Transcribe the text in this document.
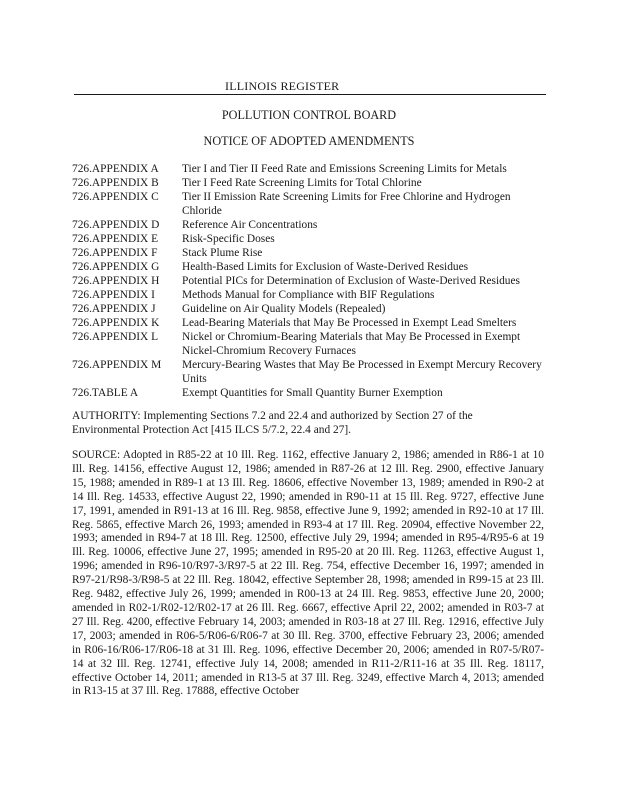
ILLINOIS REGISTER
POLLUTION CONTROL BOARD
NOTICE OF ADOPTED AMENDMENTS
726.APPENDIX A	Tier I and Tier II Feed Rate and Emissions Screening Limits for Metals
726.APPENDIX B	Tier I Feed Rate Screening Limits for Total Chlorine
726.APPENDIX C	Tier II Emission Rate Screening Limits for Free Chlorine and Hydrogen Chloride
726.APPENDIX D	Reference Air Concentrations
726.APPENDIX E	Risk-Specific Doses
726.APPENDIX F	Stack Plume Rise
726.APPENDIX G	Health-Based Limits for Exclusion of Waste-Derived Residues
726.APPENDIX H	Potential PICs for Determination of Exclusion of Waste-Derived Residues
726.APPENDIX I	Methods Manual for Compliance with BIF Regulations
726.APPENDIX J	Guideline on Air Quality Models (Repealed)
726.APPENDIX K	Lead-Bearing Materials that May Be Processed in Exempt Lead Smelters
726.APPENDIX L	Nickel or Chromium-Bearing Materials that May Be Processed in Exempt Nickel-Chromium Recovery Furnaces
726.APPENDIX M	Mercury-Bearing Wastes that May Be Processed in Exempt Mercury Recovery Units
726.TABLE A	Exempt Quantities for Small Quantity Burner Exemption
AUTHORITY: Implementing Sections 7.2 and 22.4 and authorized by Section 27 of the Environmental Protection Act [415 ILCS 5/7.2, 22.4 and 27].
SOURCE: Adopted in R85-22 at 10 Ill. Reg. 1162, effective January 2, 1986; amended in R86-1 at 10 Ill. Reg. 14156, effective August 12, 1986; amended in R87-26 at 12 Ill. Reg. 2900, effective January 15, 1988; amended in R89-1 at 13 Ill. Reg. 18606, effective November 13, 1989; amended in R90-2 at 14 Ill. Reg. 14533, effective August 22, 1990; amended in R90-11 at 15 Ill. Reg. 9727, effective June 17, 1991, amended in R91-13 at 16 Ill. Reg. 9858, effective June 9, 1992; amended in R92-10 at 17 Ill. Reg. 5865, effective March 26, 1993; amended in R93-4 at 17 Ill. Reg. 20904, effective November 22, 1993; amended in R94-7 at 18 Ill. Reg. 12500, effective July 29, 1994; amended in R95-4/R95-6 at 19 Ill. Reg. 10006, effective June 27, 1995; amended in R95-20 at 20 Ill. Reg. 11263, effective August 1, 1996; amended in R96-10/R97-3/R97-5 at 22 Ill. Reg. 754, effective December 16, 1997; amended in R97-21/R98-3/R98-5 at 22 Ill. Reg. 18042, effective September 28, 1998; amended in R99-15 at 23 Ill. Reg. 9482, effective July 26, 1999; amended in R00-13 at 24 Ill. Reg. 9853, effective June 20, 2000; amended in R02-1/R02-12/R02-17 at 26 Ill. Reg. 6667, effective April 22, 2002; amended in R03-7 at 27 Ill. Reg. 4200, effective February 14, 2003; amended in R03-18 at 27 Ill. Reg. 12916, effective July 17, 2003; amended in R06-5/R06-6/R06-7 at 30 Ill. Reg. 3700, effective February 23, 2006; amended in R06-16/R06-17/R06-18 at 31 Ill. Reg. 1096, effective December 20, 2006; amended in R07-5/R07-14 at 32 Ill. Reg. 12741, effective July 14, 2008; amended in R11-2/R11-16 at 35 Ill. Reg. 18117, effective October 14, 2011; amended in R13-5 at 37 Ill. Reg. 3249, effective March 4, 2013; amended in R13-15 at 37 Ill. Reg. 17888, effective October
